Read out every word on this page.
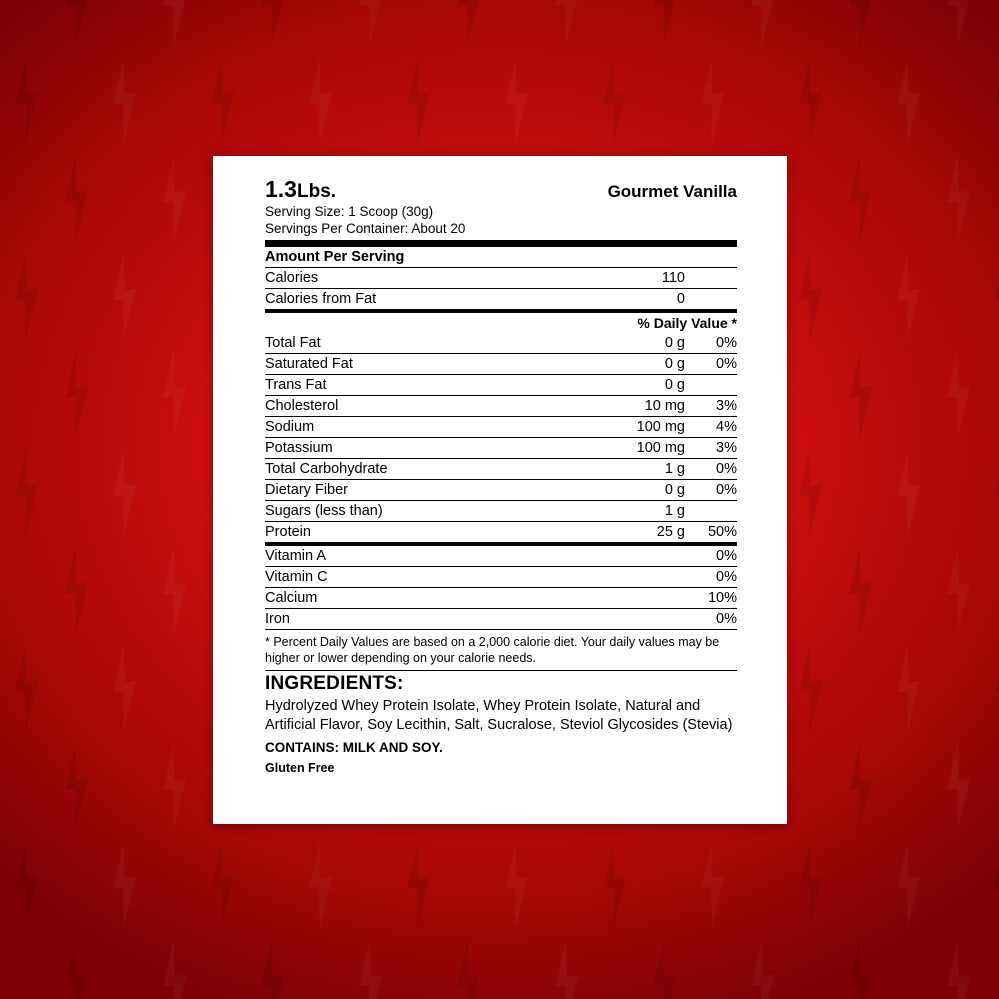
1.3Lbs.	Gourmet Vanilla
Serving Size: 1 Scoop (30g)
Servings Per Container: About 20
Amount Per Serving
Calories	110	
Calories from Fat	0	
% Daily Value *
Total Fat	0 g	0%
Saturated Fat	0 g	0%
Trans Fat	0 g	
Cholesterol	10 mg	3%
Sodium	100 mg	4%
Potassium	100 mg	3%
Total Carbohydrate	1 g	0%
Dietary Fiber	0 g	0%
Sugars (less than)	1 g	
Protein	25 g	50%
Vitamin A		0%
Vitamin C		0%
Calcium		10%
Iron		0%
* Percent Daily Values are based on a 2,000 calorie diet. Your daily values may be higher or lower depending on your calorie needs.
INGREDIENTS:
Hydrolyzed Whey Protein Isolate, Whey Protein Isolate, Natural and Artificial Flavor, Soy Lecithin, Salt, Sucralose, Steviol Glycosides (Stevia)
CONTAINS: MILK AND SOY.
Gluten Free
